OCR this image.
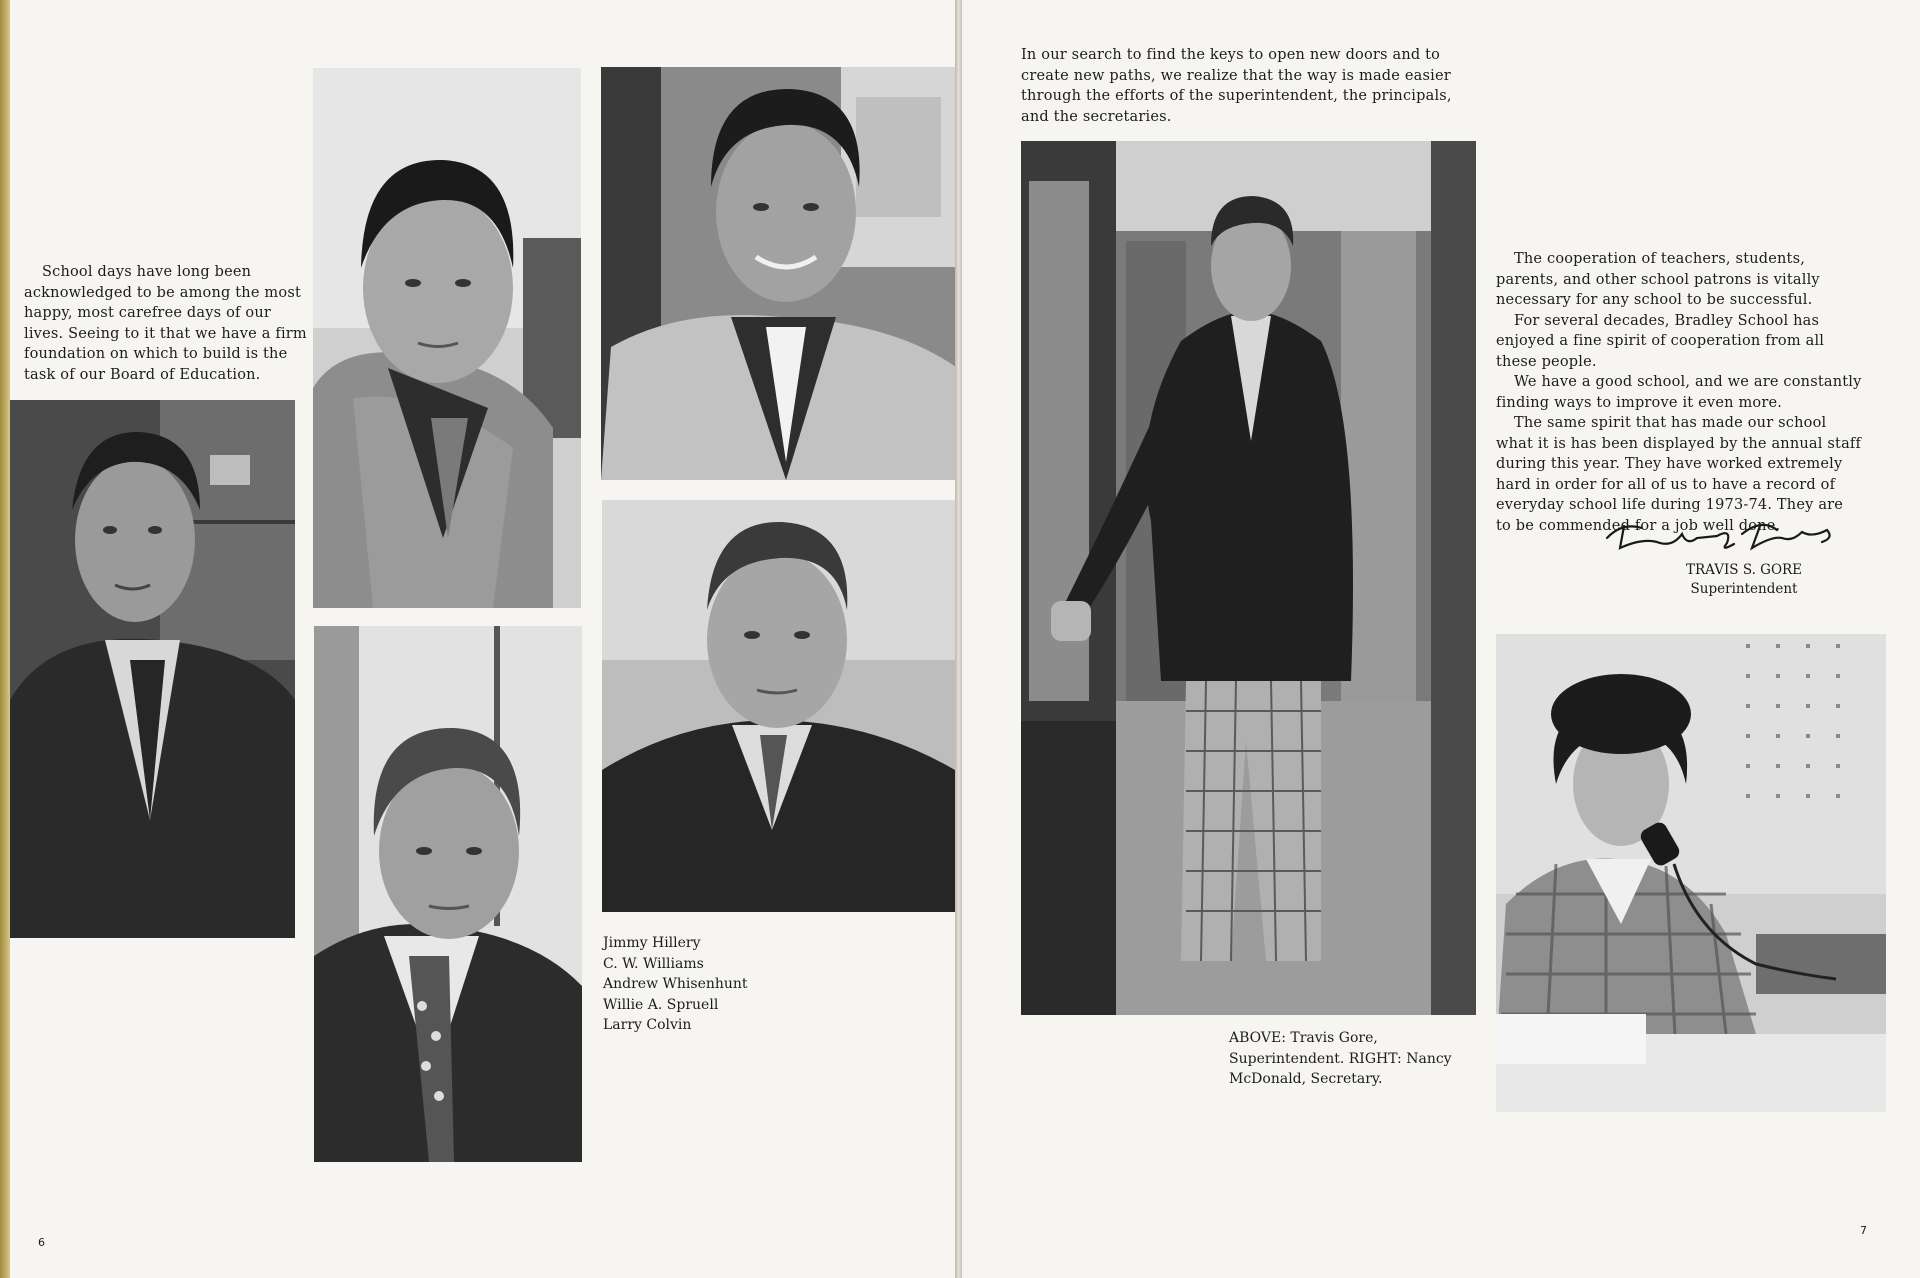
School days have long been acknowledged to be among the most happy, most carefree days of our lives. Seeing to it that we have a firm foundation on which to build is the task of our Board of Education.

Jimmy Hillery
C. W. Williams
Andrew Whisenhunt
Willie A. Spruell
Larry Colvin
6

In our search to find the keys to open new doors and to create new paths, we realize that the way is made easier through the efforts of the superintendent, the principals, and the secretaries.

The cooperation of teachers, students, parents, and other school patrons is vitally necessary for any school to be successful.

For several decades, Bradley School has enjoyed a fine spirit of cooperation from all these people.

We have a good school, and we are constantly finding ways to improve it even more.

The same spirit that has made our school what it is has been displayed by the annual staff during this year. They have worked extremely hard in order for all of us to have a record of everyday school life during 1973-74. They are to be commended for a job well done.

TRAVIS S. GORE
Superintendent
ABOVE: Travis Gore, Superintendent. RIGHT: Nancy McDonald, Secretary.
7
